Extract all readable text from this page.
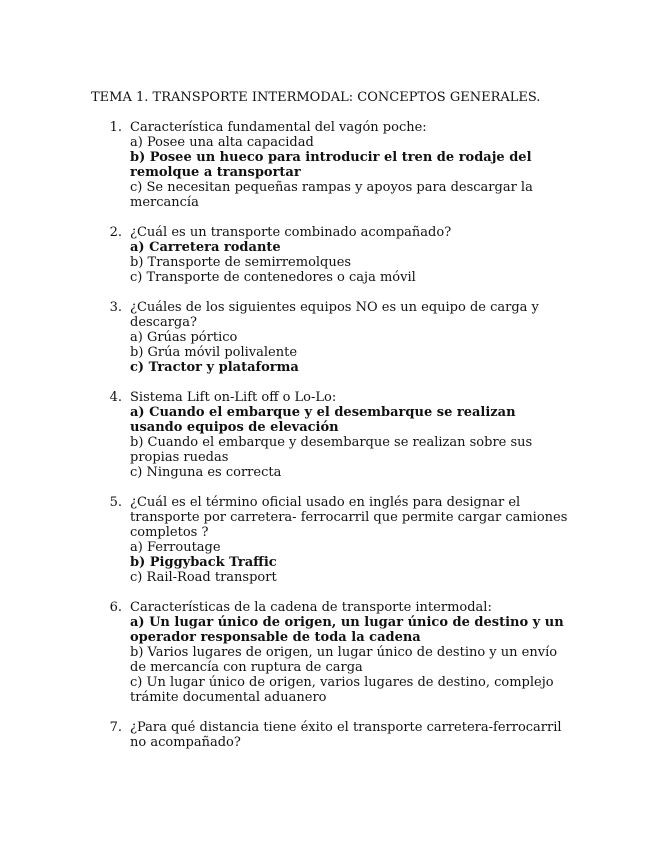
TEMA 1. TRANSPORTE INTERMODAL: CONCEPTOS GENERALES.
1. Característica fundamental del vagón poche:
a) Posee una alta capacidad
b) Posee un hueco para introducir el tren de rodaje del remolque a transportar
c) Se necesitan pequeñas rampas y apoyos para descargar la mercancía
2. ¿Cuál es un transporte combinado acompañado?
a) Carretera rodante
b) Transporte de semirremolques
c) Transporte de contenedores o caja móvil
3. ¿Cuáles de los siguientes equipos NO es un equipo de carga y descarga?
a) Grúas pórtico
b) Grúa móvil polivalente
c) Tractor y plataforma
4. Sistema Lift on-Lift off o Lo-Lo:
a) Cuando el embarque y el desembarque se realizan usando equipos de elevación
b) Cuando el embarque y desembarque se realizan sobre sus propias ruedas
c) Ninguna es correcta
5. ¿Cuál es el término oficial usado en inglés para designar el transporte por carretera- ferrocarril que permite cargar camiones completos ?
a) Ferroutage
b) Piggyback Traffic
c) Rail-Road transport
6. Características de la cadena de transporte intermodal:
a) Un lugar único de origen, un lugar único de destino y un operador responsable de toda la cadena
b) Varios lugares de origen, un lugar único de destino y un envío de mercancía con ruptura de carga
c) Un lugar único de origen, varios lugares de destino, complejo trámite documental aduanero
7. ¿Para qué distancia tiene éxito el transporte carretera-ferrocarril no acompañado?
